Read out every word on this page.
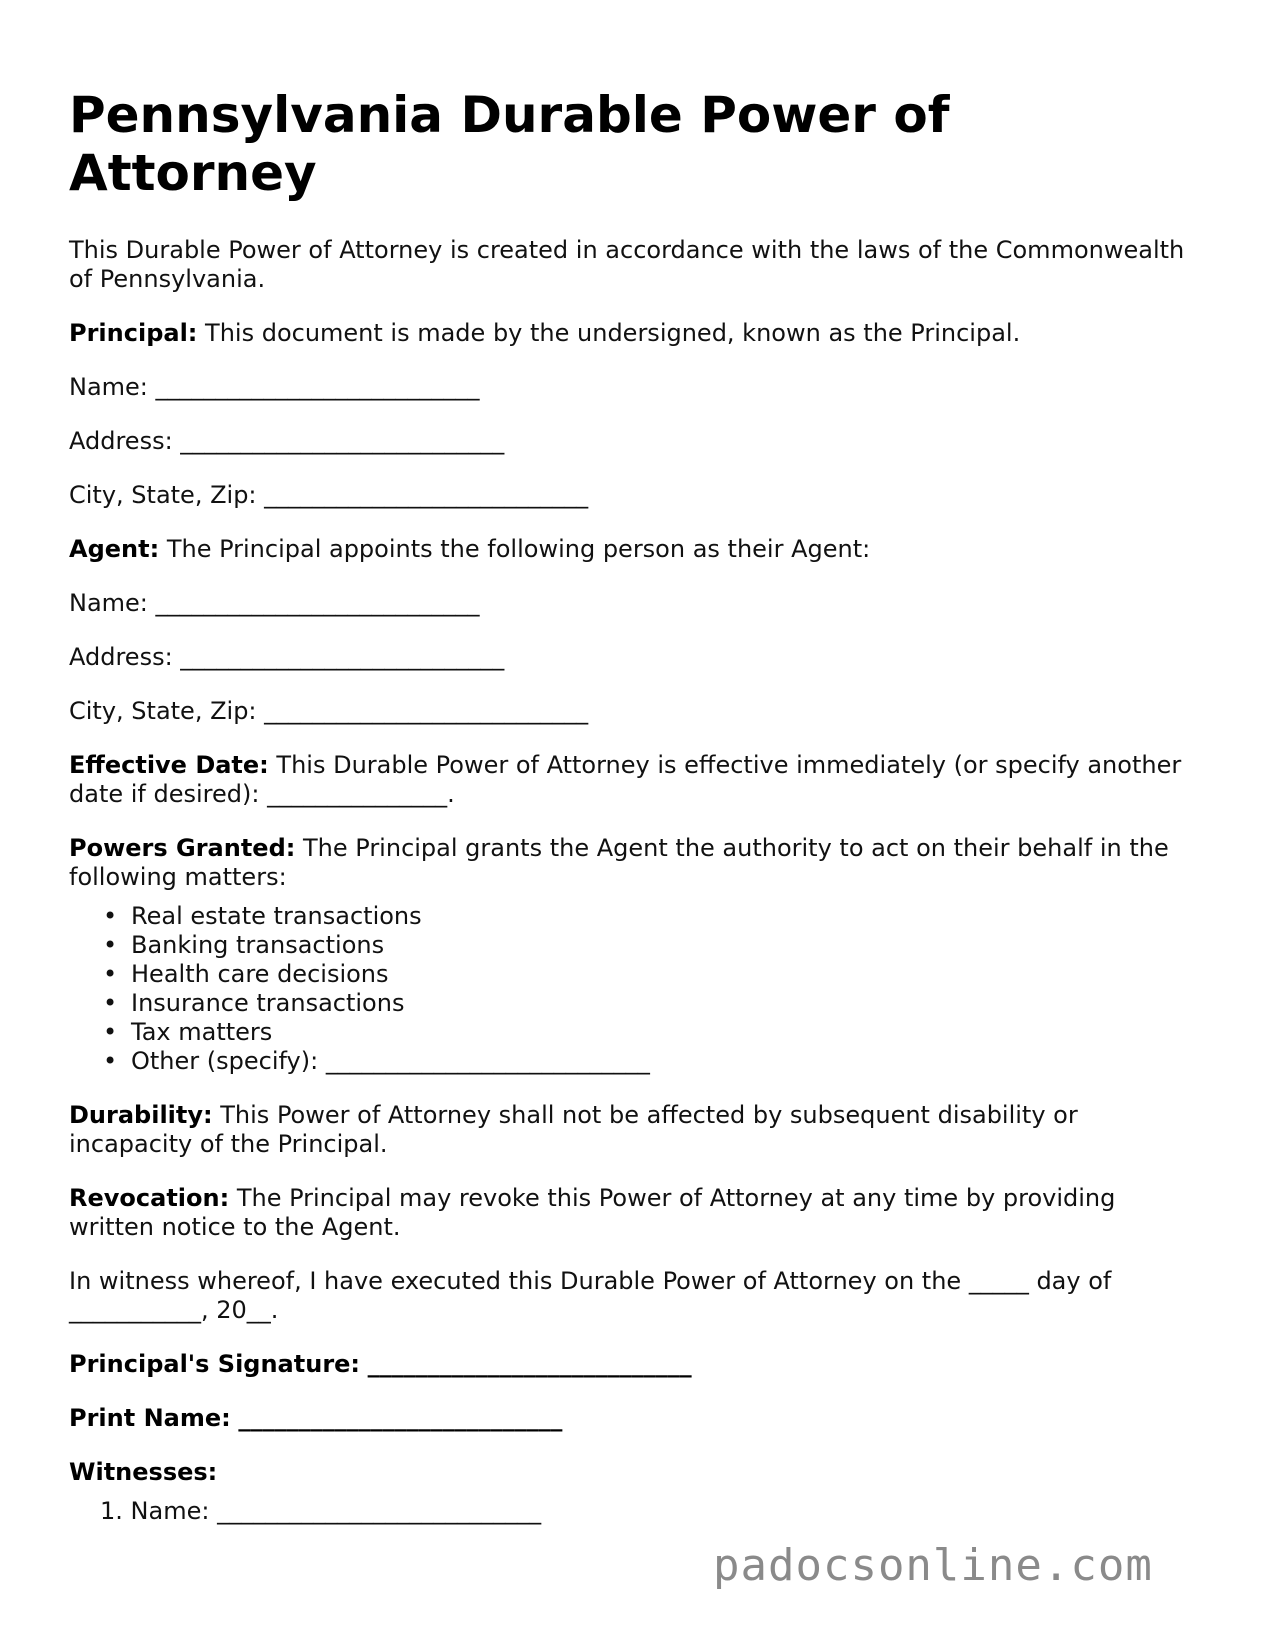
Pennsylvania Durable Power of Attorney

This Durable Power of Attorney is created in accordance with the laws of the Commonwealth of Pennsylvania.

Principal: This document is made by the undersigned, known as the Principal.

Name: ___________________________

Address: ___________________________

City, State, Zip: ___________________________

Agent: The Principal appoints the following person as their Agent:

Name: ___________________________

Address: ___________________________

City, State, Zip: ___________________________

Effective Date: This Durable Power of Attorney is effective immediately (or specify another date if desired): _______________.

Powers Granted: The Principal grants the Agent the authority to act on their behalf in the following matters:

• Real estate transactions
• Banking transactions
• Health care decisions
• Insurance transactions
• Tax matters
• Other (specify): ___________________________

Durability: This Power of Attorney shall not be affected by subsequent disability or incapacity of the Principal.

Revocation: The Principal may revoke this Power of Attorney at any time by providing written notice to the Agent.

In witness whereof, I have executed this Durable Power of Attorney on the _____ day of ___________, 20__.

Principal's Signature: ___________________________

Print Name: ___________________________

Witnesses:

1. Name: ___________________________
padocsonline.com
